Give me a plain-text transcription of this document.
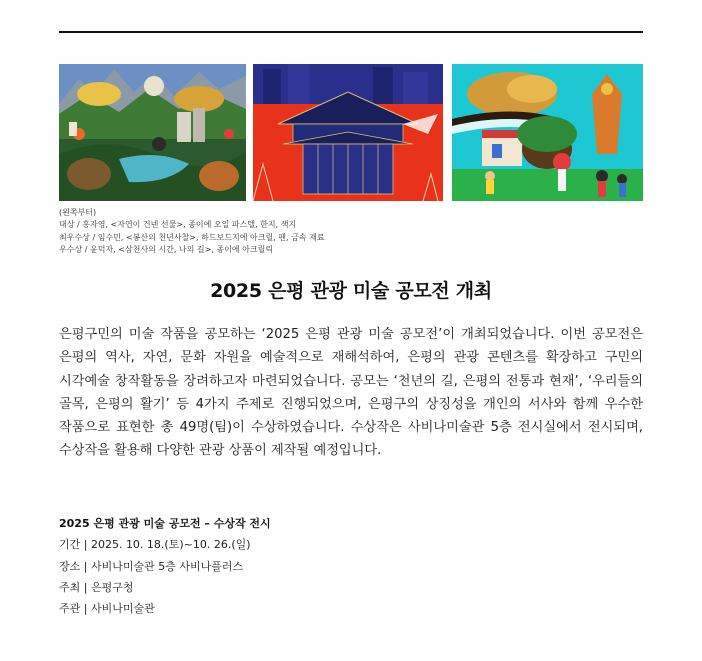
(왼쪽부터)
대상 / 홍자영, <자연이 건넨 선물>, 종이에 오일 파스텔, 한지, 색지
최우수상 / 임수민, <봉산의 천년사찰>, 하드보드지에 아크릴, 펜, 금속 재료
우수상 / 윤덕자, <삼천사의 시간, 나의 길>, 종이에 아크릴릭
2025 은평 관광 미술 공모전 개최
은평구민의 미술 작품을 공모하는 ‘2025 은평 관광 미술 공모전’이 개최되었습니다. 이번 공모전은 은평의 역사, 자연, 문화 자원을 예술적으로 재해석하여, 은평의 관광 콘텐츠를 확장하고 구민의 시각예술 창작활동을 장려하고자 마련되었습니다. 공모는 ‘천년의 길, 은평의 전통과 현재’, ‘우리들의 골목, 은평의 활기’ 등 4가지 주제로 진행되었으며, 은평구의 상징성을 개인의 서사와 함께 우수한 작품으로 표현한 총 49명(팀)이 수상하였습니다. 수상작은 사비나미술관 5층 전시실에서 전시되며, 수상작을 활용해 다양한 관광 상품이 제작될 예정입니다.
2025 은평 관광 미술 공모전 – 수상작 전시
기간 | 2025. 10. 18.(토)~10. 26.(일)
장소 | 사비나미술관 5층 사비나플러스
주최 | 은평구청
주관 | 사비나미술관
